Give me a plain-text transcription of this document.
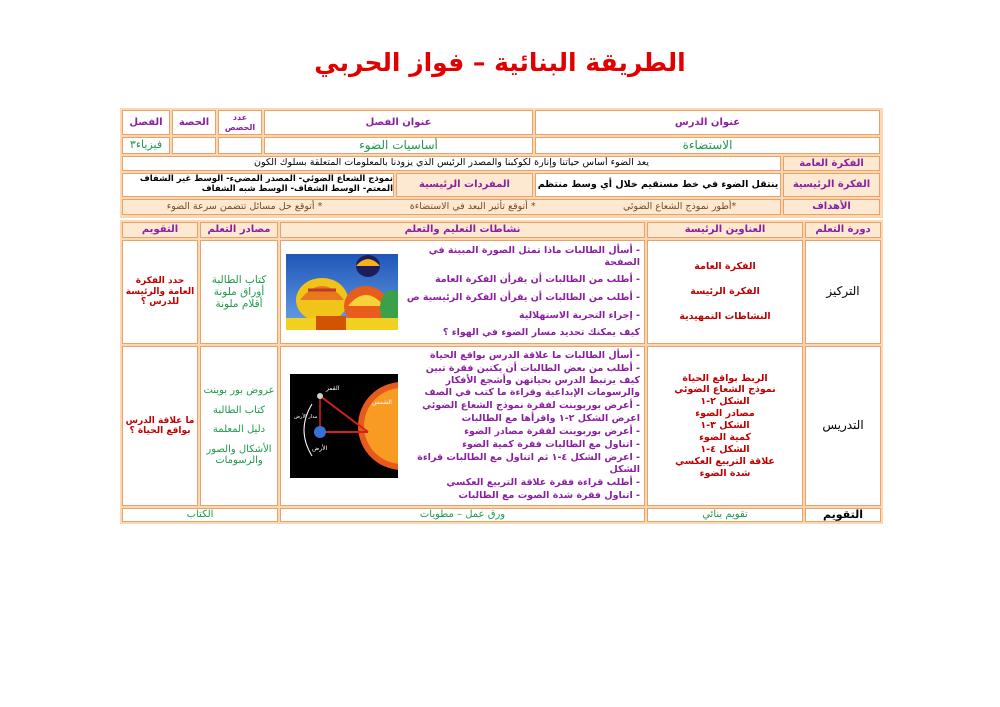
الطريقة البنائية – فواز الحربي
عنوان الدرس
عنوان الفصل
عدد الحصص
الحصة
الفصل
الاستضاءة
أساسيات الضوء
فيزياء٣
الفكرة العامة
يعد الضوء أساس حياتنا وإنارة لكوكبنا والمصدر الرئيس الذي يزودنا بالمعلومات المتعلقة بسلوك الكون
الفكرة الرئيسية
ينتقل الضوء في خط مستقيم خلال أي وسط منتظم
المفردات الرئيسية
نموذج الشعاع الضوئي- المصدر المضيء- الوسط غير الشفاف المعتم- الوسط الشفاف- الوسط شبه الشفاف
الأهداف
*أطور نموذج الشعاع الضوئي
* أتوقع تأثير البعد في الاستضاءة
* أتوقع حل مسائل تتضمن سرعة الضوء
دورة التعلم
العناوين الرئيسة
نشاطات التعليم والتعلم
مصادر التعلم
التقويم
التركيز
الفكرة العامة
الفكرة الرئيسة
النشاطات التمهيدية
- أسأل الطالبات ماذا تمثل الصورة المبينة في الصفحة
- أطلب من الطالبات أن يقرأن الفكرة العامة
- أطلب من الطالبات أن يقرأن الفكرة الرئيسية ص
- إجراء التجربة الاستهلالية
كيف يمكنك تحديد مسار الضوء في الهواء ؟
كتاب الطالبة
أوراق ملونة
أقلام ملونة
حدد الفكرة العامة والرئيسة للدرس ؟
التدريس
الربط بواقع الحياة
نموذج الشعاع الضوئي
الشكل ٢-١
مصادر الضوء
الشكل ٣-١
كمية الضوء
الشكل ٤-١
علاقة التربيع العكسي
شدة الضوء
- أسأل الطالبات ما علاقة الدرس بواقع الحياة
- أطلب من بعض الطالبات أن يكتبن فقرة تبين كيف يرتبط الدرس بحياتهن وأشجع الأفكار والرسومات الإبداعية وقراءة ما كتب في الصف
- أعرض بوربوينت لفقرة نموذج الشعاع الضوئي
اعرض الشكل ٢-١ واقرأها مع الطالبات
- أعرض بوربوينت لفقرة مصادر الضوء
- اتناول مع الطالبات فقرة كمية الضوء
- اعرض الشكل ٤-١ ثم اتناول مع الطالبات قراءة الشكل
- أطلب قراءة فقرة علاقة التربيع العكسي
- اتناول فقرة شدة الصوت مع الطالبات
الشمس
الأرض
القمر
مدار الأرض
عروض بور بوينت
كتاب الطالبة
دليل المعلمة
الأشكال والصور والرسومات
ما علاقة الدرس بواقع الحياة ؟
التقويم
تقويم بنائي
ورق عمل – مطويات
الكتاب
